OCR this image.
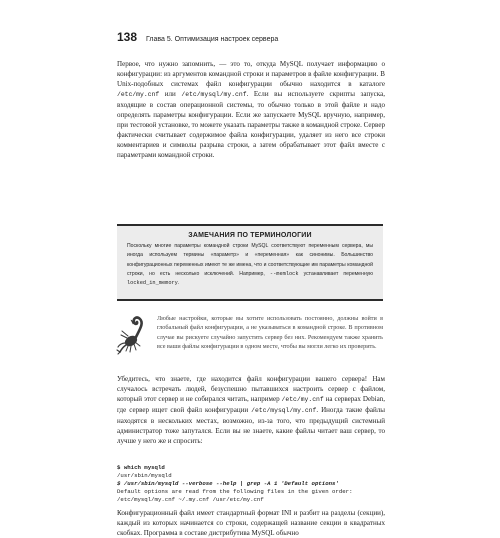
138 Глава 5. Оптимизация настроек сервера

Первое, что нужно запомнить, — это то, откуда MySQL получает информацию о конфигурации: из аргументов командной строки и параметров в файле конфигурации. В Unix-подобных системах файл конфигурации обычно находится в каталоге /etc/my.cnf или /etc/mysql/my.cnf. Если вы используете скрипты запуска, входящие в состав операционной системы, то обычно только в этой файле и надо определять параметры конфигурации. Если же запускаете MySQL вручную, например, при тестовой установке, то можете указать параметры также в командной строке. Сервер фактически считывает содержимое файла конфигурации, удаляет из него все строки комментариев и символы разрыва строки, а затем обрабатывает этот файл вместе с параметрами командной строки.

ЗАМЕЧАНИЯ ПО ТЕРМИНОЛОГИИ
Поскольку многие параметры командной строки MySQL соответствуют переменным сервера, мы иногда используем термины «параметр» и «переменная» как синонимы. Большинство конфигурационных переменных имеют те же имена, что и соответствующие им параметры командной строки, но есть несколько исключений. Например, --memlock устанавливает переменную locked_in_memory.

Любые настройки, которые вы хотите использовать постоянно, должны войти в глобальный файл конфигурации, а не указываться в командной строке. В противном случае вы рискуете случайно запустить сервер без них. Рекомендуем также хранить все ваши файлы конфигурации в одном месте, чтобы вы могли легко их проверить.

Убедитесь, что знаете, где находится файл конфигурации вашего сервера! Нам случалось встречать людей, безуспешно пытавшихся настроить сервер с файлом, который этот сервер и не собирался читать, например /etc/my.cnf на серверах Debian, где сервер ищет свой файл конфигурации /etc/mysql/my.cnf. Иногда такие файлы находятся в нескольких местах, возможно, из-за того, что предыдущий системный администратор тоже запутался. Если вы не знаете, какие файлы читает ваш сервер, то лучше у него же и спросить:

$ which mysqld
/usr/sbin/mysqld
$ /usr/sbin/mysqld --verbose --help | grep -A 1 'Default options'
Default options are read from the following files in the given order:
/etc/mysql/my.cnf ~/.my.cnf /usr/etc/my.cnf

Конфигурационный файл имеет стандартный формат INI и разбит на разделы (секции), каждый из которых начинается со строки, содержащей название секции в квадратных скобках. Программа в составе дистрибутива MySQL обычно
